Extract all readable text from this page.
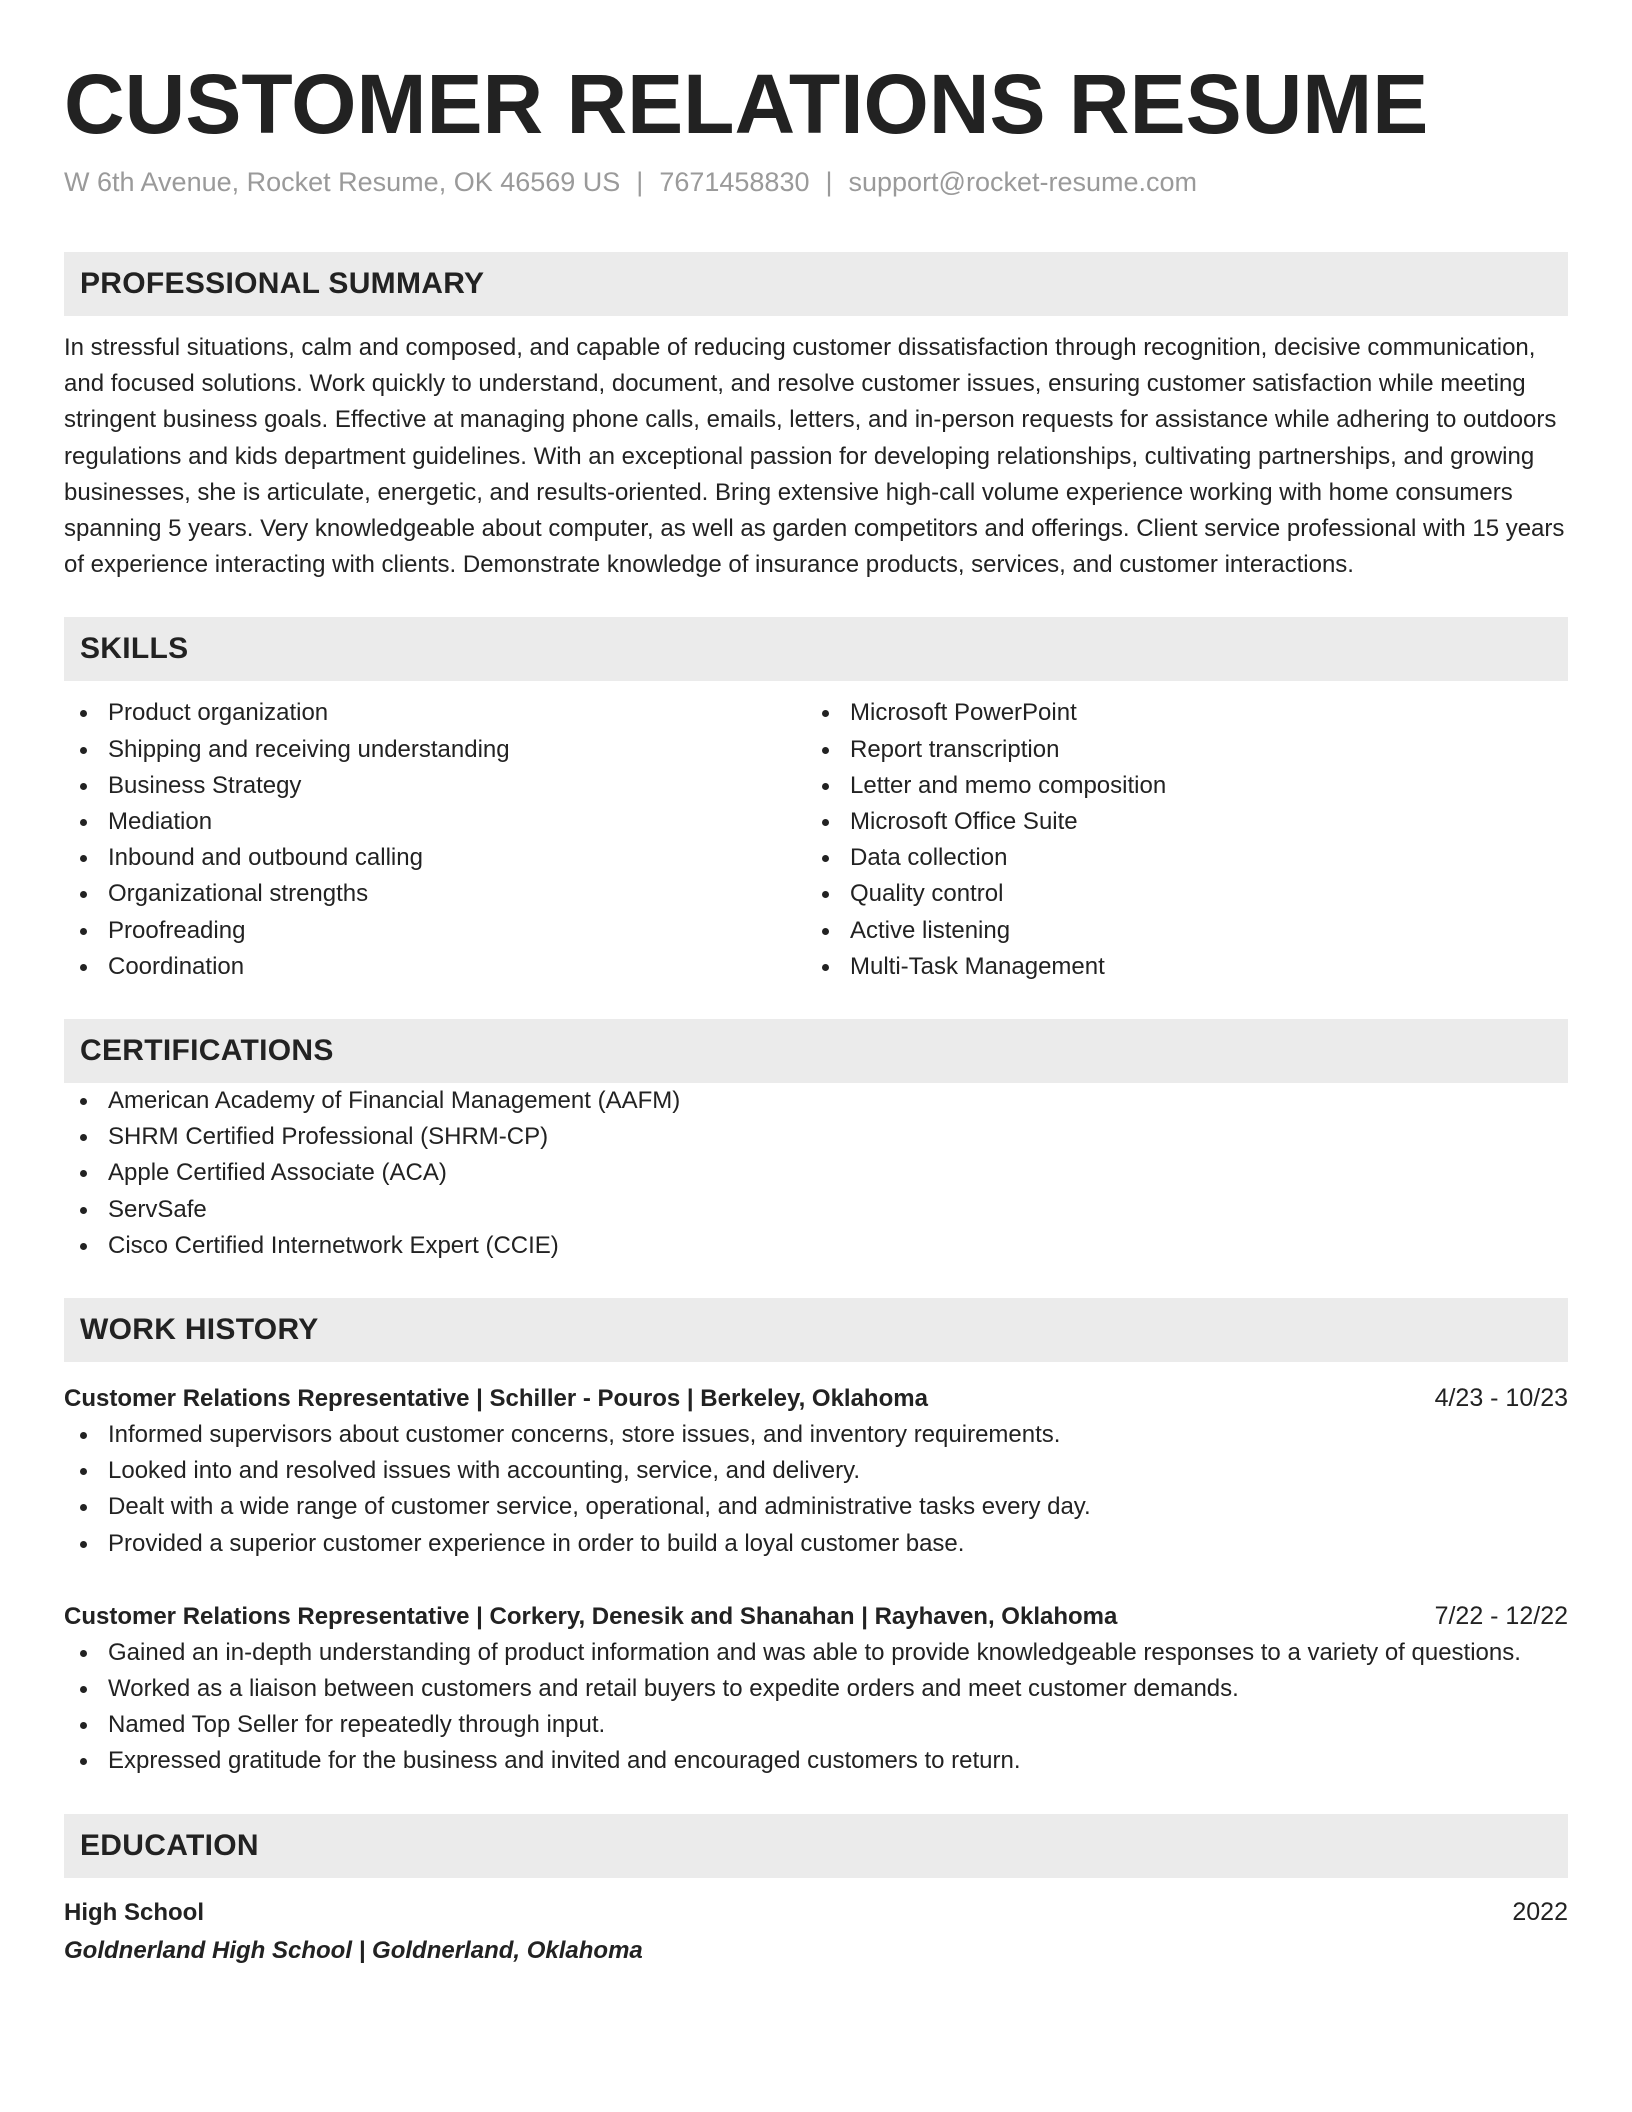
CUSTOMER RELATIONS RESUME
W 6th Avenue, Rocket Resume, OK 46569 US | 7671458830 | support@rocket-resume.com
PROFESSIONAL SUMMARY

In stressful situations, calm and composed, and capable of reducing customer dissatisfaction through recognition, decisive communication, and focused solutions. Work quickly to understand, document, and resolve customer issues, ensuring customer satisfaction while meeting stringent business goals. Effective at managing phone calls, emails, letters, and in-person requests for assistance while adhering to outdoors regulations and kids department guidelines. With an exceptional passion for developing relationships, cultivating partnerships, and growing businesses, she is articulate, energetic, and results-oriented. Bring extensive high-call volume experience working with home consumers spanning 5 years. Very knowledgeable about computer, as well as garden competitors and offerings. Client service professional with 15 years of experience interacting with clients. Demonstrate knowledge of insurance products, services, and customer interactions.

SKILLS
Product organization
Shipping and receiving understanding
Business Strategy
Mediation
Inbound and outbound calling
Organizational strengths
Proofreading
Coordination
Microsoft PowerPoint
Report transcription
Letter and memo composition
Microsoft Office Suite
Data collection
Quality control
Active listening
Multi-Task Management
CERTIFICATIONS
American Academy of Financial Management (AAFM)
SHRM Certified Professional (SHRM-CP)
Apple Certified Associate (ACA)
ServSafe
Cisco Certified Internetwork Expert (CCIE)
WORK HISTORY
Customer Relations Representative | Schiller - Pouros | Berkeley, Oklahoma	4/23 - 10/23
Informed supervisors about customer concerns, store issues, and inventory requirements.
Looked into and resolved issues with accounting, service, and delivery.
Dealt with a wide range of customer service, operational, and administrative tasks every day.
Provided a superior customer experience in order to build a loyal customer base.
Customer Relations Representative | Corkery, Denesik and Shanahan | Rayhaven, Oklahoma	7/22 - 12/22
Gained an in-depth understanding of product information and was able to provide knowledgeable responses to a variety of questions.
Worked as a liaison between customers and retail buyers to expedite orders and meet customer demands.
Named Top Seller for repeatedly through input.
Expressed gratitude for the business and invited and encouraged customers to return.
EDUCATION
High School	2022
Goldnerland High School | Goldnerland, Oklahoma
